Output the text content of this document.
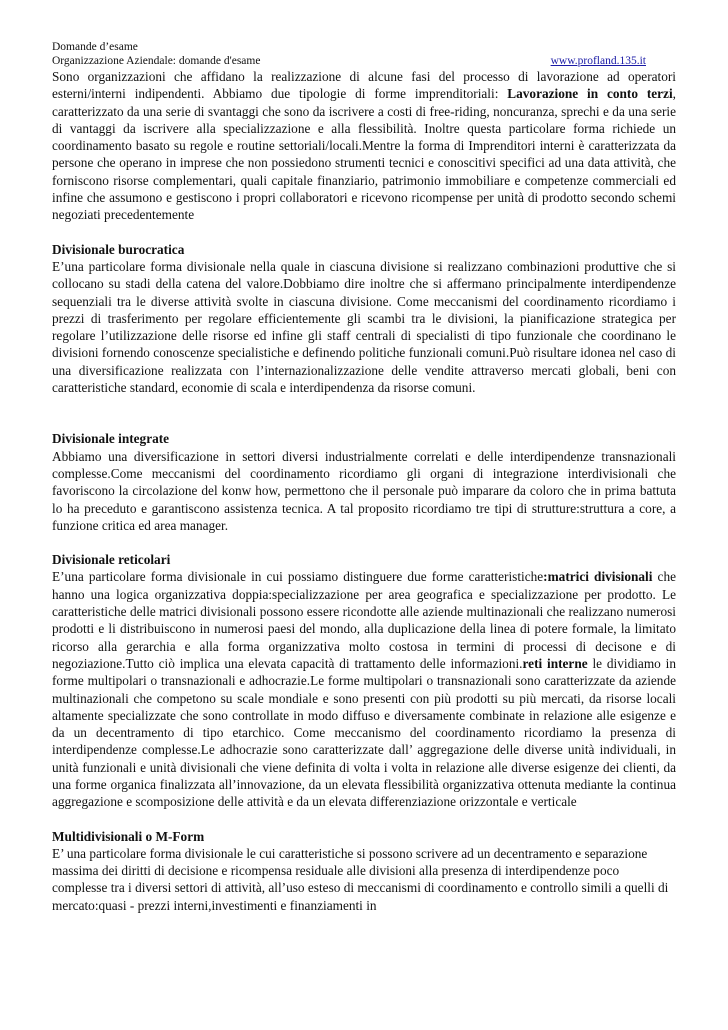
Domande d’esame

Organizzazione Aziendale: domande d'esame	www.profland.135.it

Sono organizzazioni che affidano la realizzazione di alcune fasi del processo di lavorazione ad operatori esterni/interni indipendenti. Abbiamo due tipologie di forme imprenditoriali: Lavorazione in conto terzi, caratterizzato da una serie di svantaggi che sono da iscrivere a costi di free-riding, noncuranza, sprechi e da una serie di vantaggi da iscrivere alla specializzazione e alla flessibilità. Inoltre questa particolare forma richiede un coordinamento basato su regole e routine settoriali/locali.Mentre la forma di Imprenditori interni è caratterizzata da persone che operano in imprese che non possiedono strumenti tecnici e conoscitivi specifici ad una data attività, che forniscono risorse complementari, quali capitale finanziario, patrimonio immobiliare e competenze commerciali ed infine che assumono e gestiscono i propri collaboratori e ricevono ricompense per unità di prodotto secondo schemi negoziati precedentemente

Divisionale burocratica

E’una particolare forma divisionale nella quale in ciascuna divisione si realizzano combinazioni produttive che si collocano su stadi della catena del valore.Dobbiamo dire inoltre che si affermano principalmente interdipendenze sequenziali tra le diverse attività svolte in ciascuna divisione. Come meccanismi del coordinamento ricordiamo i prezzi di trasferimento per regolare efficientemente gli scambi tra le divisioni, la pianificazione strategica per regolare l’utilizzazione delle risorse ed infine gli staff centrali di specialisti di tipo funzionale che coordinano le divisioni fornendo conoscenze specialistiche e definendo politiche funzionali comuni.Può risultare idonea nel caso di una diversificazione realizzata con l’internazionalizzazione delle vendite attraverso mercati globali, beni con caratteristiche standard, economie di scala e interdipendenza da risorse comuni.

Divisionale integrate

Abbiamo una diversificazione in settori diversi industrialmente correlati e delle interdipendenze transnazionali complesse.Come meccanismi del coordinamento ricordiamo gli organi di integrazione interdivisionali che favoriscono la circolazione del konw how, permettono che il personale può imparare da coloro che in prima battuta lo ha preceduto e garantiscono assistenza tecnica. A tal proposito ricordiamo tre tipi di strutture:struttura a core, a funzione critica ed area manager.

Divisionale reticolari

E’una particolare forma divisionale in cui possiamo distinguere due forme caratteristiche:matrici divisionali che hanno una logica organizzativa doppia:specializzazione per area geografica e specializzazione per prodotto. Le caratteristiche delle matrici divisionali possono essere ricondotte alle aziende multinazionali che realizzano numerosi prodotti e li distribuiscono in numerosi paesi del mondo, alla duplicazione della linea di potere formale, la limitato ricorso alla gerarchia e alla forma organizzativa molto costosa in termini di processi di decisone e di negoziazione.Tutto ciò implica una elevata capacità di trattamento delle informazioni.reti interne le dividiamo in forme multipolari o transnazionali e adhocrazie.Le forme multipolari o transnazionali sono caratterizzate da aziende multinazionali che competono su scale mondiale e sono presenti con più prodotti su più mercati, da risorse locali altamente specializzate che sono controllate in modo diffuso e diversamente combinate in relazione alle esigenze e da un decentramento di tipo etarchico. Come meccanismo del coordinamento ricordiamo la presenza di interdipendenze complesse.Le adhocrazie sono caratterizzate dall’ aggregazione delle diverse unità individuali, in unità funzionali e unità divisionali che viene definita di volta i volta in relazione alle diverse esigenze dei clienti, da una forme organica finalizzata all’innovazione, da un elevata flessibilità organizzativa ottenuta mediante la continua aggregazione e scomposizione delle attività e da un elevata differenziazione orizzontale e verticale

Multidivisionali o M-Form

E’ una particolare forma divisionale le cui caratteristiche si possono scrivere ad un decentramento e separazione massima dei diritti di decisione e ricompensa residuale alle divisioni alla presenza di interdipendenze poco complesse tra i diversi settori di attività, all’uso esteso di meccanismi di coordinamento e controllo simili a quelli di mercato:quasi - prezzi interni,investimenti e finanziamenti in
